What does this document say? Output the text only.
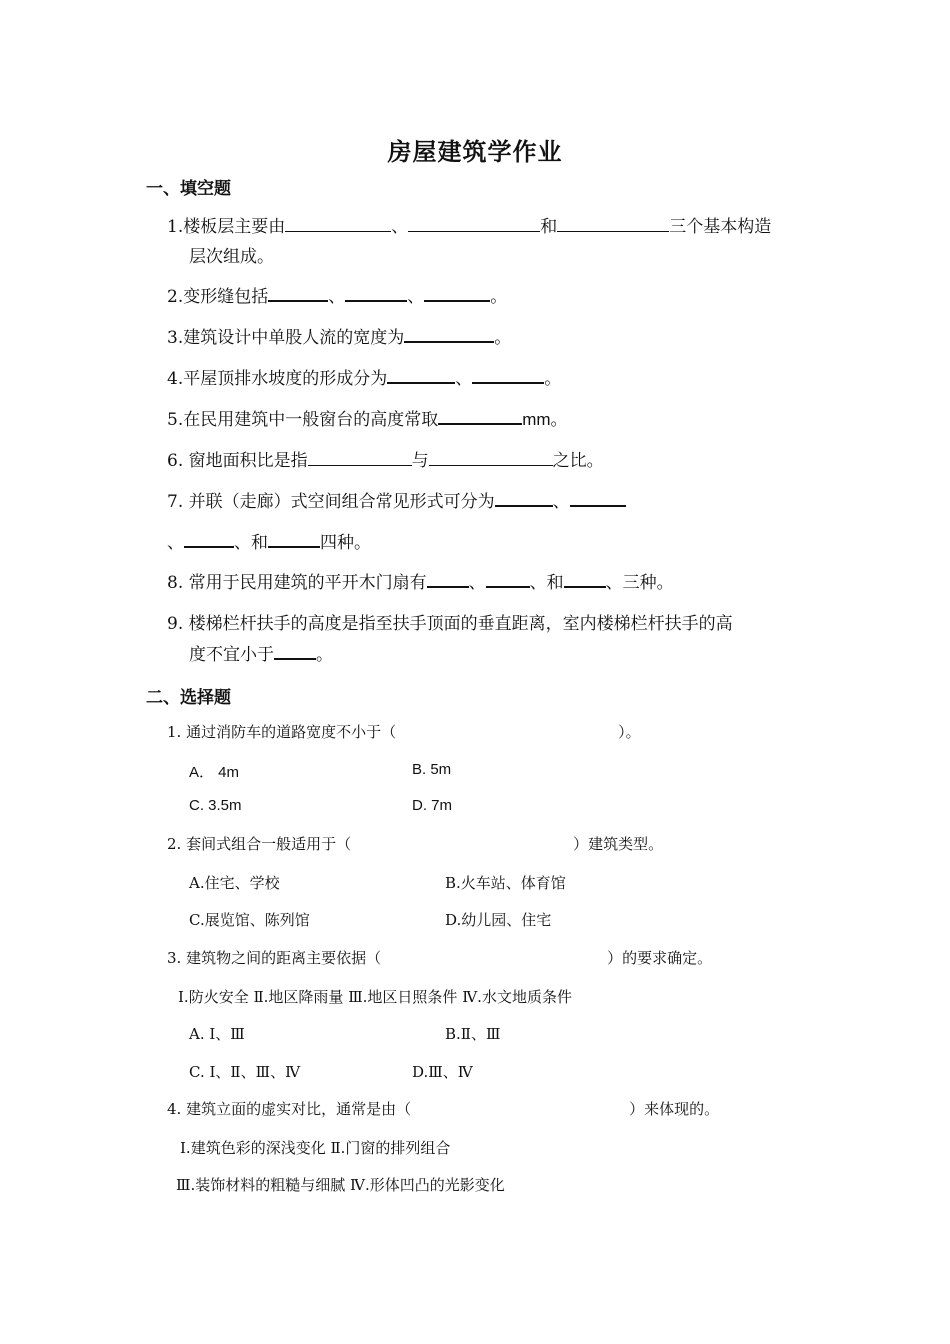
房屋建筑学作业
一、填空题
1.楼板层主要由	、	和	三个基本构造
层次组成。
2.变形缝包括	、	、	。
3.建筑设计中单股人流的宽度为	。
4.平屋顶排水坡度的形成分为	、	。
5.在民用建筑中一般窗台的高度常取	mm。
6. 窗地面积比是指	与	之比。
7. 并联（走廊）式空间组合常见形式可分为	、
、	、和	四种。
8. 常用于民用建筑的平开木门扇有 、	、和 、三种。
9. 楼梯栏杆扶手的高度是指至扶手顶面的垂直距离，室内楼梯栏杆扶手的高
度不宜小于 。
二、选择题
1. 通过消防车的道路宽度不小于（	）。
A． 4m	B. 5m
C. 3.5m	D. 7m
2. 套间式组合一般适用于（	）建筑类型。
A.住宅、学校	B.火车站、体育馆
C.展览馆、陈列馆	D.幼儿园、住宅
3. 建筑物之间的距离主要依据（	）的要求确定。
Ⅰ.防火安全 Ⅱ.地区降雨量 Ⅲ.地区日照条件 Ⅳ.水文地质条件
A. Ⅰ、Ⅲ	B.Ⅱ、Ⅲ
C. Ⅰ、Ⅱ、Ⅲ、Ⅳ	D.Ⅲ、Ⅳ
4. 建筑立面的虚实对比，通常是由（	）来体现的。
Ⅰ.建筑色彩的深浅变化 Ⅱ.门窗的排列组合
Ⅲ.装饰材料的粗糙与细腻 Ⅳ.形体凹凸的光影变化
